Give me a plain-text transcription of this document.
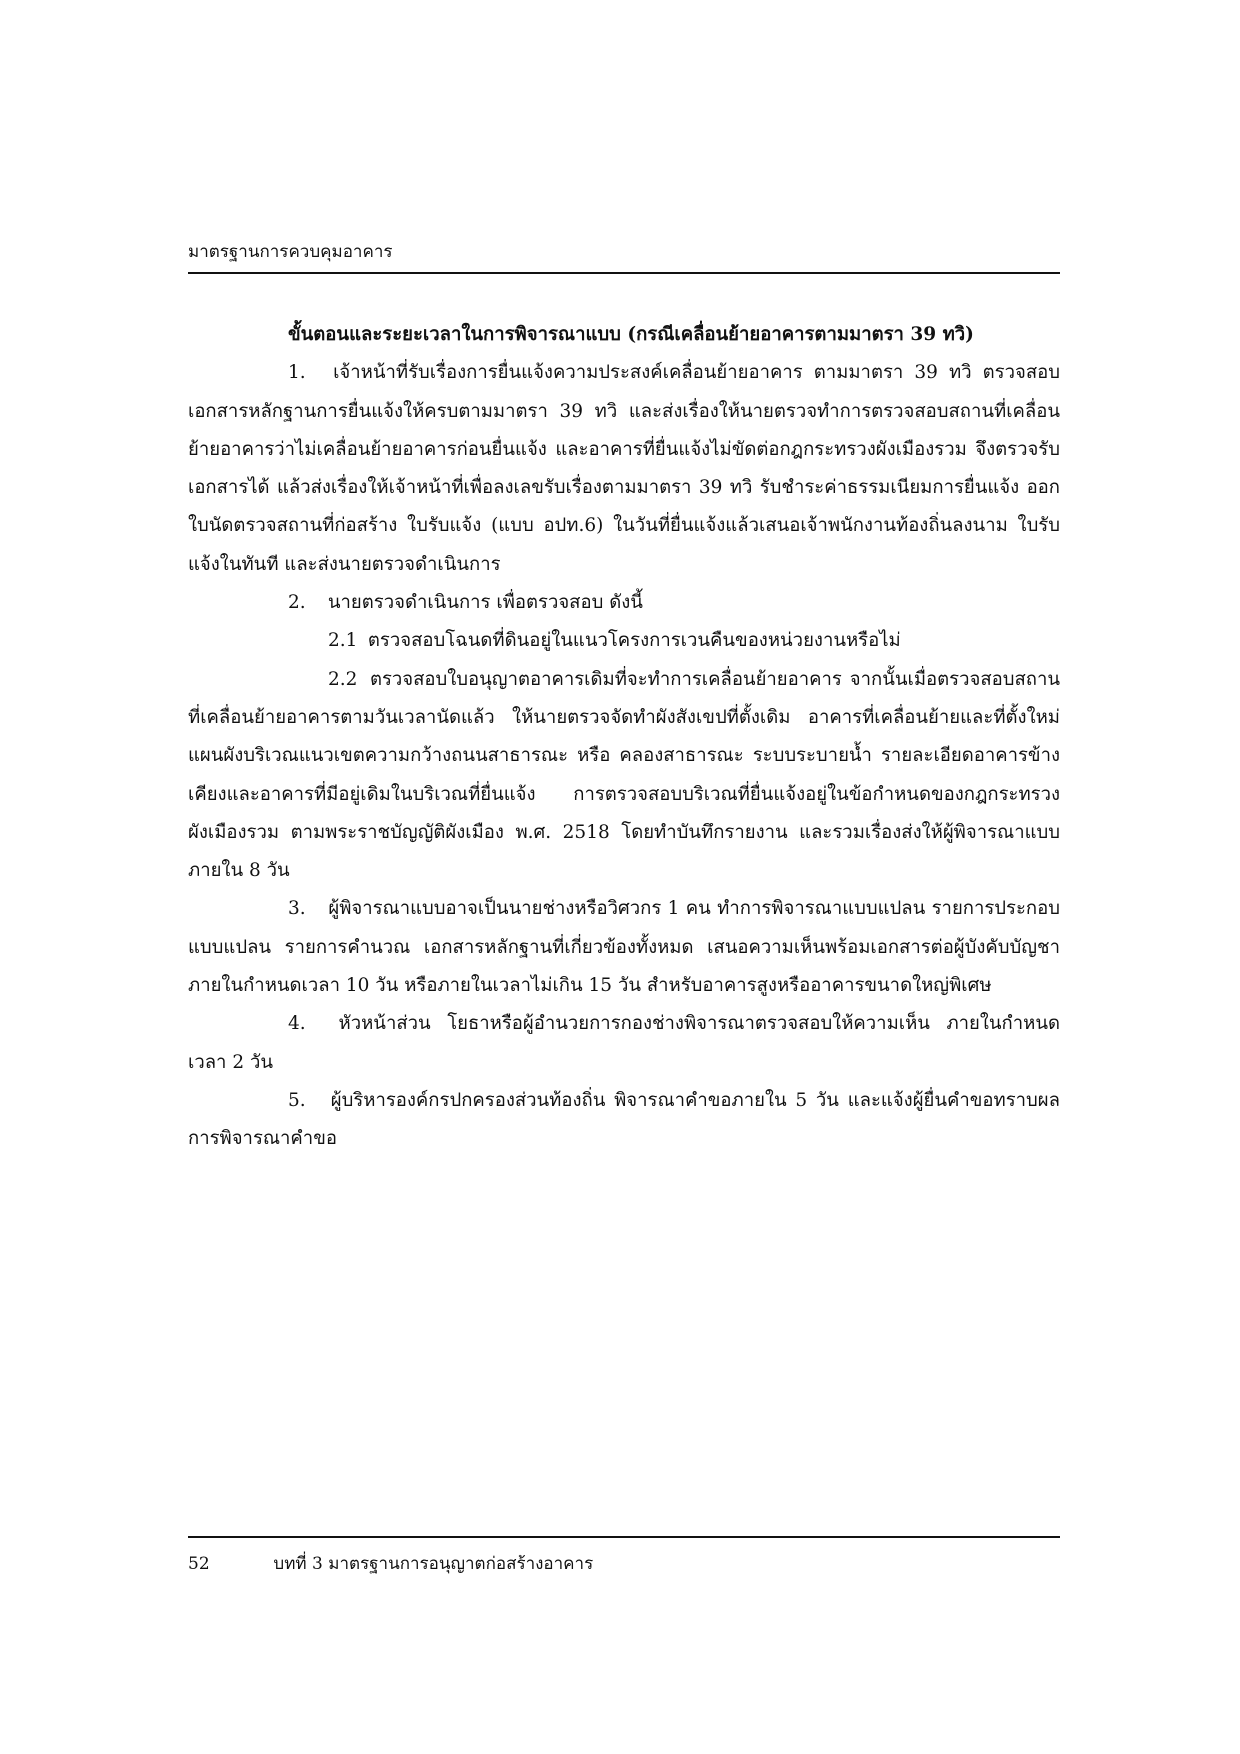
มาตรฐานการควบคุมอาคาร

ขั้นตอนและระยะเวลาในการพิจารณาแบบ (กรณีเคลื่อนย้ายอาคารตามมาตรา 39 ทวิ)

1. เจ้าหน้าที่รับเรื่องการยื่นแจ้งความประสงค์เคลื่อนย้ายอาคาร ตามมาตรา 39 ทวิ ตรวจสอบ เอกสารหลักฐานการยื่นแจ้งให้ครบตามมาตรา 39 ทวิ และส่งเรื่องให้นายตรวจทำการตรวจสอบสถานที่เคลื่อนย้ายอาคารว่าไม่เคลื่อนย้ายอาคารก่อนยื่นแจ้ง และอาคารที่ยื่นแจ้งไม่ขัดต่อกฎกระทรวงผังเมืองรวม จึงตรวจรับเอกสารได้ แล้วส่งเรื่องให้เจ้าหน้าที่เพื่อลงเลขรับเรื่องตามมาตรา 39 ทวิ รับชำระค่าธรรมเนียมการยื่นแจ้ง ออกใบนัดตรวจสถานที่ก่อสร้าง ใบรับแจ้ง (แบบ อปท.6) ในวันที่ยื่นแจ้งแล้วเสนอเจ้าพนักงานท้องถิ่นลงนาม ใบรับแจ้งในทันที และส่งนายตรวจดำเนินการ

2. นายตรวจดำเนินการ เพื่อตรวจสอบ ดังนี้

2.1 ตรวจสอบโฉนดที่ดินอยู่ในแนวโครงการเวนคืนของหน่วยงานหรือไม่

2.2 ตรวจสอบใบอนุญาตอาคารเดิมที่จะทำการเคลื่อนย้ายอาคาร จากนั้นเมื่อตรวจสอบสถานที่เคลื่อนย้ายอาคารตามวันเวลานัดแล้ว ให้นายตรวจจัดทำผังสังเขปที่ตั้งเดิม อาคารที่เคลื่อนย้ายและที่ตั้งใหม่ แผนผังบริเวณแนวเขตความกว้างถนนสาธารณะ หรือ คลองสาธารณะ ระบบระบายน้ำ รายละเอียดอาคารข้างเคียงและอาคารที่มีอยู่เดิมในบริเวณที่ยื่นแจ้ง การตรวจสอบบริเวณที่ยื่นแจ้งอยู่ในข้อกำหนดของกฎกระทรวง ผังเมืองรวม ตามพระราชบัญญัติผังเมือง พ.ศ. 2518 โดยทำบันทึกรายงาน และรวมเรื่องส่งให้ผู้พิจารณาแบบภายใน 8 วัน

3. ผู้พิจารณาแบบอาจเป็นนายช่างหรือวิศวกร 1 คน ทำการพิจารณาแบบแปลน รายการประกอบแบบแปลน รายการคำนวณ เอกสารหลักฐานที่เกี่ยวข้องทั้งหมด เสนอความเห็นพร้อมเอกสารต่อผู้บังคับบัญชา ภายในกำหนดเวลา 10 วัน หรือภายในเวลาไม่เกิน 15 วัน สำหรับอาคารสูงหรืออาคารขนาดใหญ่พิเศษ

4. หัวหน้าส่วน โยธาหรือผู้อำนวยการกองช่างพิจารณาตรวจสอบให้ความเห็น ภายในกำหนดเวลา 2 วัน

5. ผู้บริหารองค์กรปกครองส่วนท้องถิ่น พิจารณาคำขอภายใน 5 วัน และแจ้งผู้ยื่นคำขอทราบผลการพิจารณาคำขอ

52	บทที่ 3 มาตรฐานการอนุญาตก่อสร้างอาคาร
